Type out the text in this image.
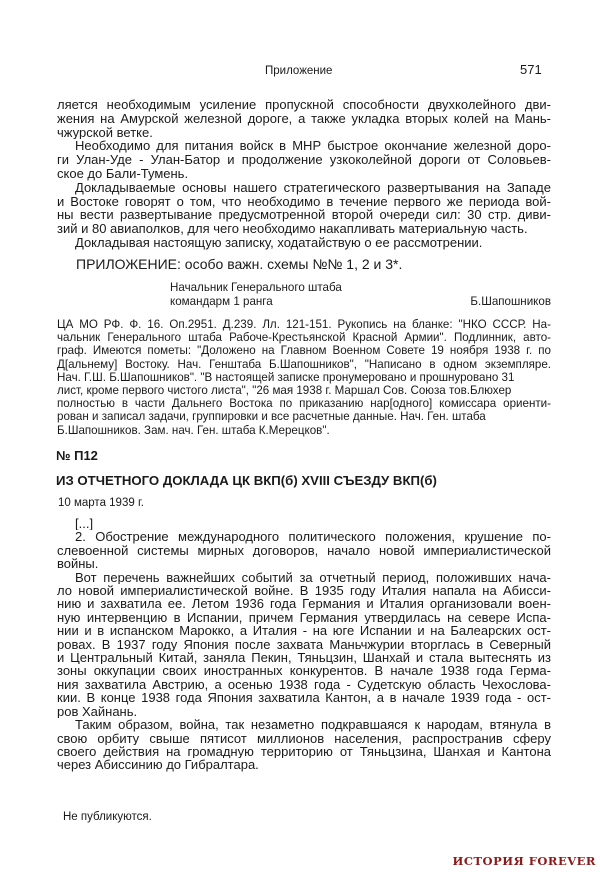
Приложение	571
ляется необходимым усиление пропускной способности двухколейного дви-
жения на Амурской железной дороге, а также укладка вторых колей на Мань-
чжурской ветке.
Необходимо для питания войск в МНР быстрое окончание железной доро-
ги Улан-Уде - Улан-Батор и продолжение узкоколейной дороги от Соловьев-
ское до Бали-Тумень.
Докладываемые основы нашего стратегического развертывания на Западе
и Востоке говорят о том, что необходимо в течение первого же периода вой-
ны вести развертывание предусмотренной второй очереди сил: 30 стр. диви-
зий и 80 авиаполков, для чего необходимо накапливать материальную часть.
Докладывая настоящую записку, ходатайствую о ее рассмотрении.
ПРИЛОЖЕНИЕ: особо важн. схемы №№ 1, 2 и 3*.
Начальник Генерального штаба
командарм 1 ранга	Б.Шапошников
ЦА МО РФ. Ф. 16. Оп.2951. Д.239. Лл. 121-151. Рукопись на бланке: "НКО СССР. На-
чальник Генерального штаба Рабоче-Крестьянской Красной Армии". Подлинник, авто-
граф. Имеются пометы: "Доложено на Главном Военном Совете 19 ноября 1938 г. по
Д[альнему] Востоку. Нач. Генштаба Б.Шапошников", "Написано в одном экземпляре.
Нач. Г.Ш. Б.Шапошников". "В настоящей записке пронумеровано и прошнуровано 31
лист, кроме первого чистого листа", "26 мая 1938 г. Маршал Сов. Союза тов.Блюхер
полностью в части Дальнего Востока по приказанию нар[одного] комиссара ориенти-
рован и записал задачи, группировки и все расчетные данные. Нач. Ген. штаба
Б.Шапошников. Зам. нач. Ген. штаба К.Мерецков".
№ П12
ИЗ ОТЧЕТНОГО ДОКЛАДА ЦК ВКП(б) XVIII СЪЕЗДУ ВКП(б)
10 марта 1939 г.
[...]
2. Обострение международного политического положения, крушение по-
слевоенной системы мирных договоров, начало новой империалистической
войны.
Вот перечень важнейших событий за отчетный период, положивших нача-
ло новой империалистической войне. В 1935 году Италия напала на Абисси-
нию и захватила ее. Летом 1936 года Германия и Италия организовали воен-
ную интервенцию в Испании, причем Германия утвердилась на севере Испа-
нии и в испанском Марокко, а Италия - на юге Испании и на Балеарских ост-
ровах. В 1937 году Япония после захвата Маньчжурии вторглась в Северный
и Центральный Китай, заняла Пекин, Тяньцзин, Шанхай и стала вытеснять из
зоны оккупации своих иностранных конкурентов. В начале 1938 года Герма-
ния захватила Австрию, а осенью 1938 года - Судетскую область Чехослова-
кии. В конце 1938 года Япония захватила Кантон, а в начале 1939 года - ост-
ров Хайнань.
Таким образом, война, так незаметно подкравшаяся к народам, втянула в
свою орбиту свыше пятисот миллионов населения, распространив сферу
своего действия на громадную территорию от Тяньцзина, Шанхая и Кантона
через Абиссинию до Гибралтара.
Не публикуются.
ИСТОРИЯ FOREVER
